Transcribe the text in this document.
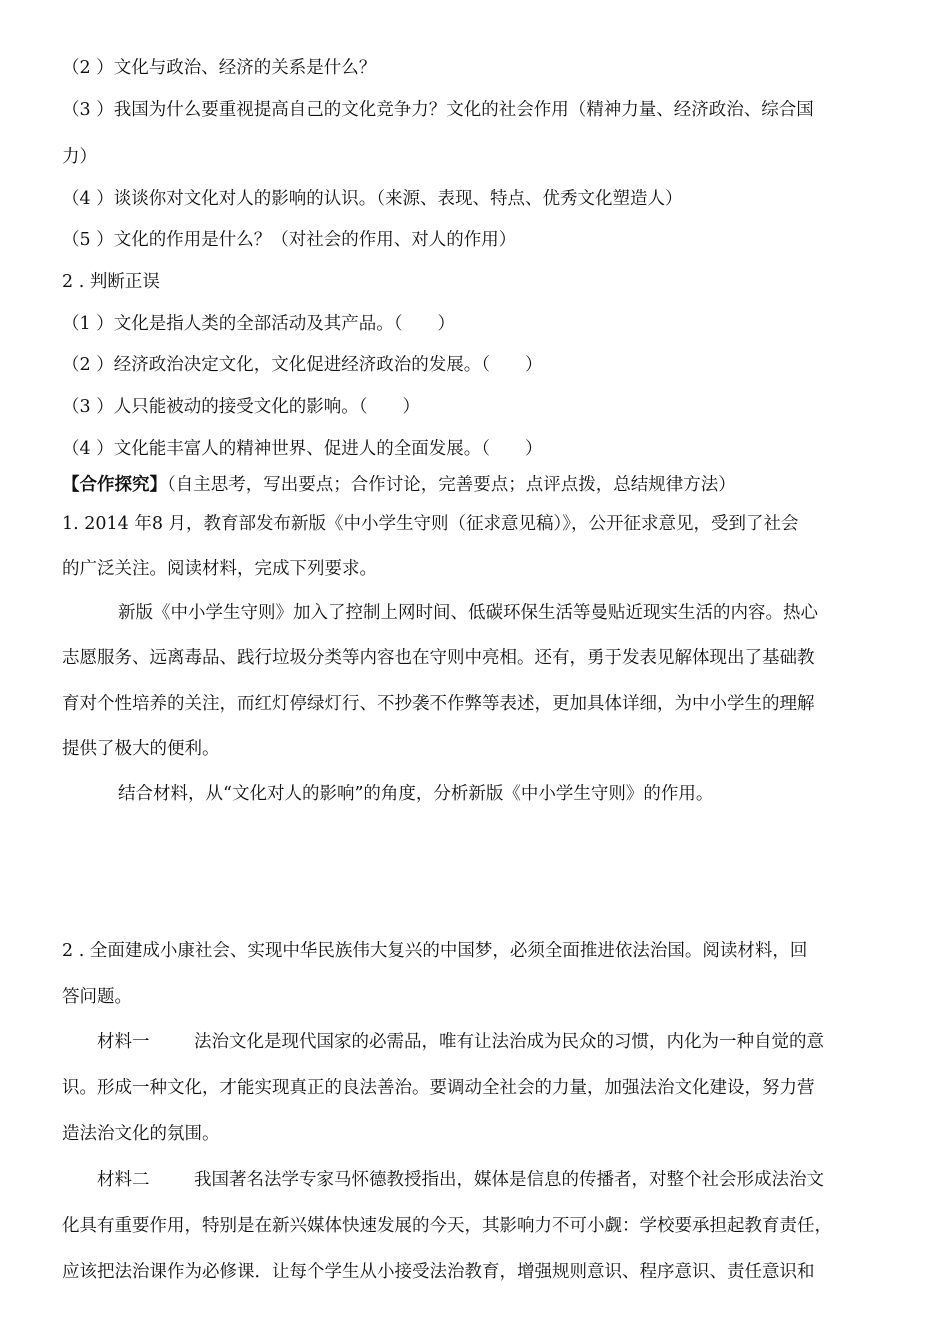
（2 ）文化与政治、经济的关系是什么？
（3 ）我国为什么要重视提高自己的文化竞争力？文化的社会作用（精神力量、经济政治、综合国
力）
（4 ）谈谈你对文化对人的影响的认识。（来源、表现、特点、优秀文化塑造人）
（5 ）文化的作用是什么？（对社会的作用、对人的作用）
2 . 判断正误
（1 ）文化是指人类的全部活动及其产品。（　　）
（2 ）经济政治决定文化，文化促进经济政治的发展。（　　）
（3 ）人只能被动的接受文化的影响。（　　）
（4 ）文化能丰富人的精神世界、促进人的全面发展。（　　）
【合作探究】（自主思考，写出要点；合作讨论，完善要点；点评点拨，总结规律方法）
1. 2014 年8 月，教育部发布新版《中小学生守则（征求意见稿）》，公开征求意见，受到了社会
的广泛关注。阅读材料，完成下列要求。
新版《中小学生守则》加入了控制上网时间、低碳环保生活等曼贴近现实生活的内容。热心
志愿服务、远离毒品、践行垃圾分类等内容也在守则中亮相。还有，勇于发表见解体现出了基础教
育对个性培养的关注，而红灯停绿灯行、不抄袭不作弊等表述，更加具体详细，为中小学生的理解
提供了极大的便利。
结合材料，从“文化对人的影响”的角度，分析新版《中小学生守则》的作用。
2 . 全面建成小康社会、实现中华民族伟大复兴的中国梦，必须全面推进依法治国。阅读材料，回
答问题。
材料一	法治文化是现代国家的必需品，唯有让法治成为民众的习惯，内化为一种自觉的意
识。形成一种文化，才能实现真正的良法善治。要调动全社会的力量，加强法治文化建设，努力营
造法治文化的氛围。
材料二	我国著名法学专家马怀德教授指出，媒体是信息的传播者，对整个社会形成法治文
化具有重要作用，特别是在新兴媒体快速发展的今天，其影响力不可小觑：学校要承担起教育责任，
应该把法治课作为必修课．让每个学生从小接受法治教育，增强规则意识、程序意识、责任意识和
